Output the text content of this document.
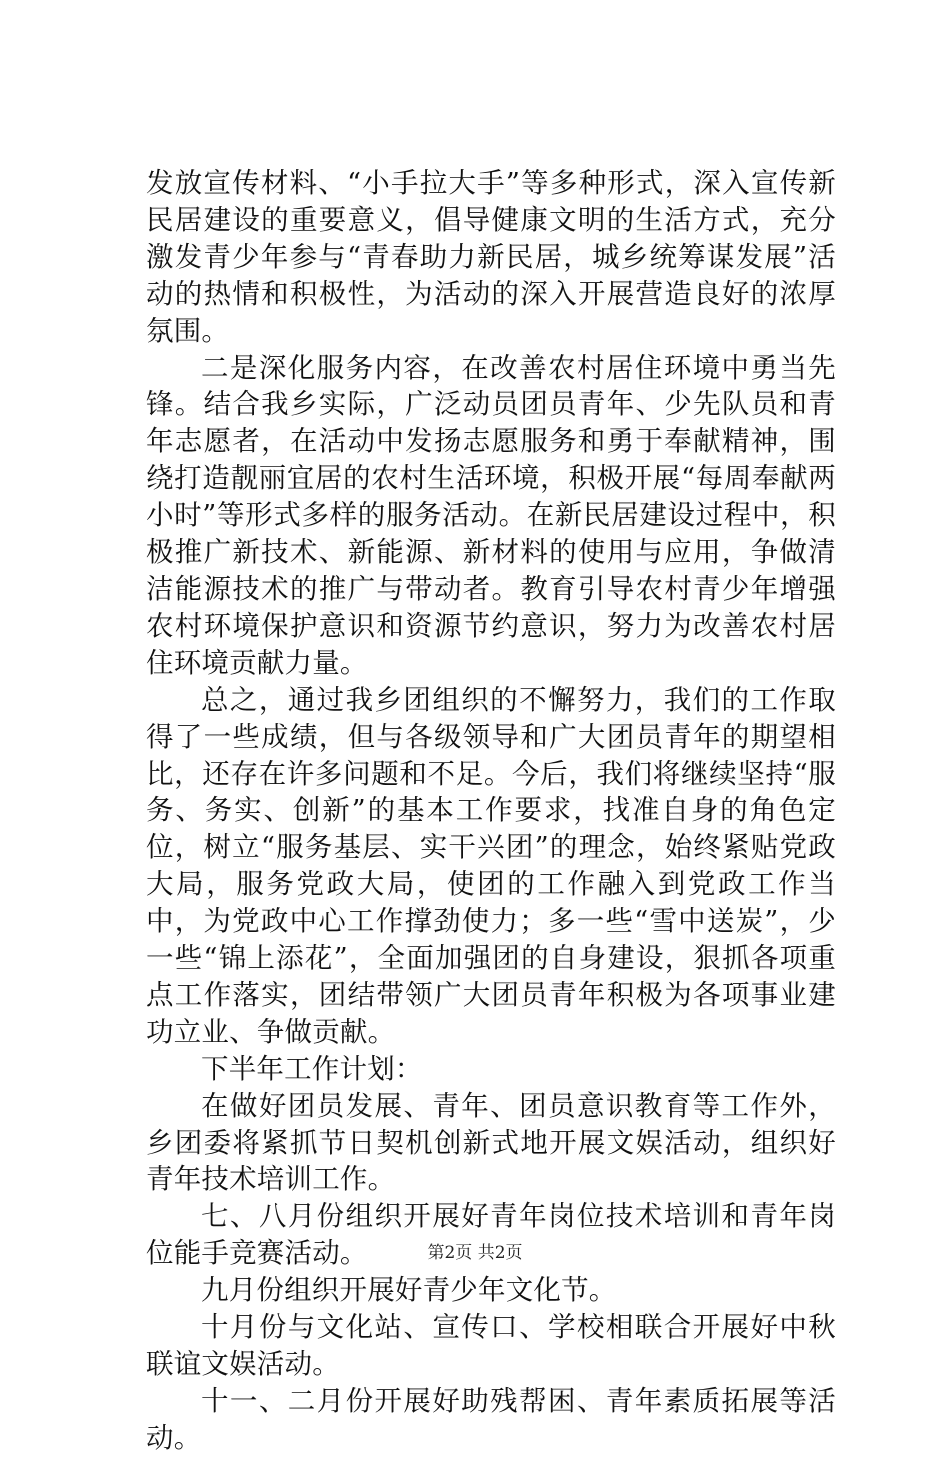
发放宣传材料、“小手拉大手”等多种形式，深入宣传新民居建设的重要意义，倡导健康文明的生活方式，充分激发青少年参与“青春助力新民居，城乡统筹谋发展”活动的热情和积极性，为活动的深入开展营造良好的浓厚氛围。

二是深化服务内容，在改善农村居住环境中勇当先锋。结合我乡实际，广泛动员团员青年、少先队员和青年志愿者，在活动中发扬志愿服务和勇于奉献精神，围绕打造靓丽宜居的农村生活环境，积极开展“每周奉献两小时”等形式多样的服务活动。在新民居建设过程中，积极推广新技术、新能源、新材料的使用与应用，争做清洁能源技术的推广与带动者。教育引导农村青少年增强农村环境保护意识和资源节约意识，努力为改善农村居住环境贡献力量。

总之，通过我乡团组织的不懈努力，我们的工作取得了一些成绩，但与各级领导和广大团员青年的期望相比，还存在许多问题和不足。今后，我们将继续坚持“服务、务实、创新”的基本工作要求，找准自身的角色定位，树立“服务基层、实干兴团”的理念，始终紧贴党政大局，服务党政大局，使团的工作融入到党政工作当中，为党政中心工作撑劲使力；多一些“雪中送炭”，少一些“锦上添花”，全面加强团的自身建设，狠抓各项重点工作落实，团结带领广大团员青年积极为各项事业建功立业、争做贡献。

下半年工作计划：

在做好团员发展、青年、团员意识教育等工作外，乡团委将紧抓节日契机创新式地开展文娱活动，组织好青年技术培训工作。

七、八月份组织开展好青年岗位技术培训和青年岗位能手竞赛活动。

九月份组织开展好青少年文化节。

十月份与文化站、宣传口、学校相联合开展好中秋联谊文娱活动。

十一、二月份开展好助残帮困、青年素质拓展等活动。

第2页 共2页
